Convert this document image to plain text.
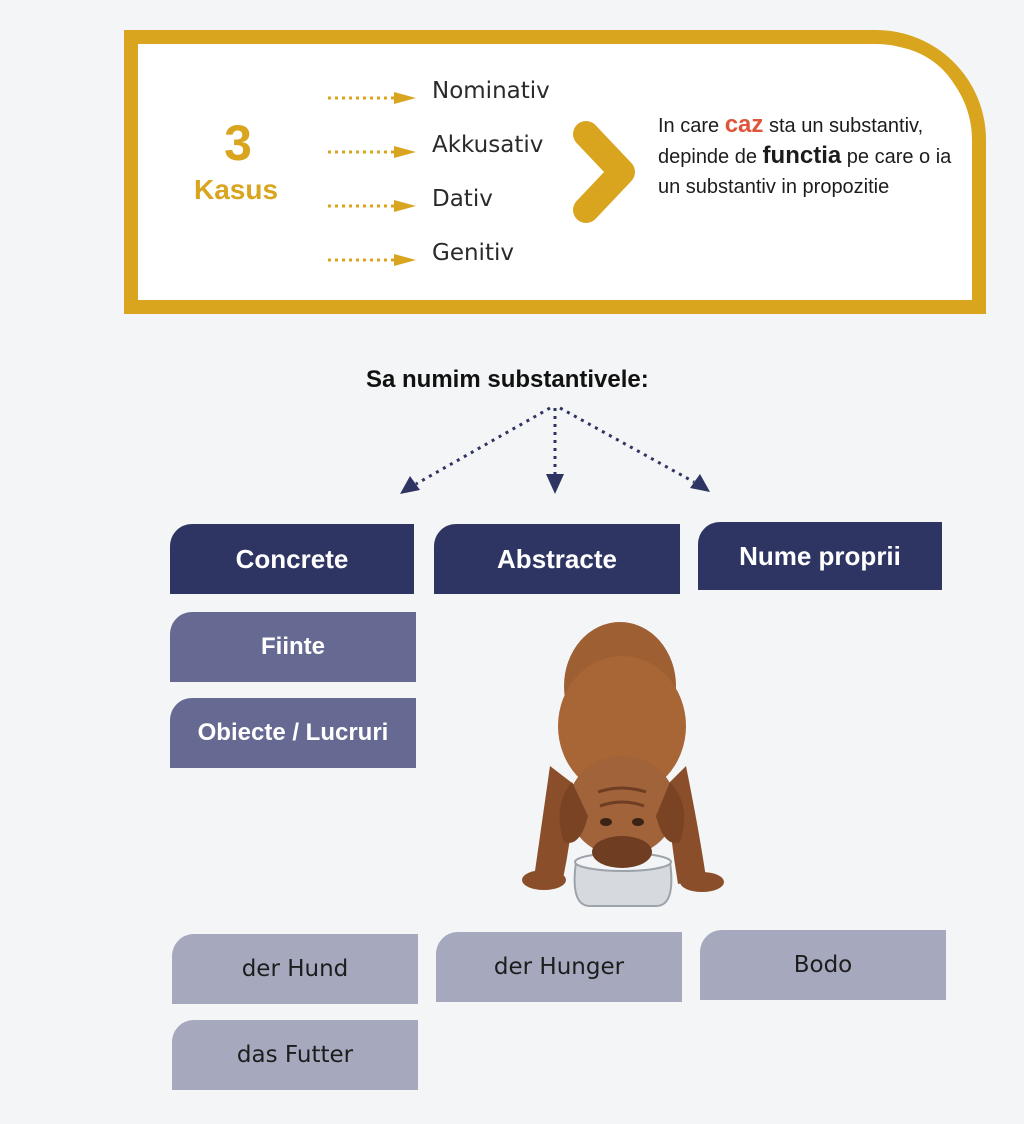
3
Kasus
Nominativ
Akkusativ
Dativ
Genitiv
In care caz sta un substantiv, depinde de functia pe care o ia un substantiv in propozitie
Sa numim substantivele:
Concrete	Abstracte	Nume proprii
Fiinte
Obiecte / Lucruri
der Hund	der Hunger	Bodo
das Futter
